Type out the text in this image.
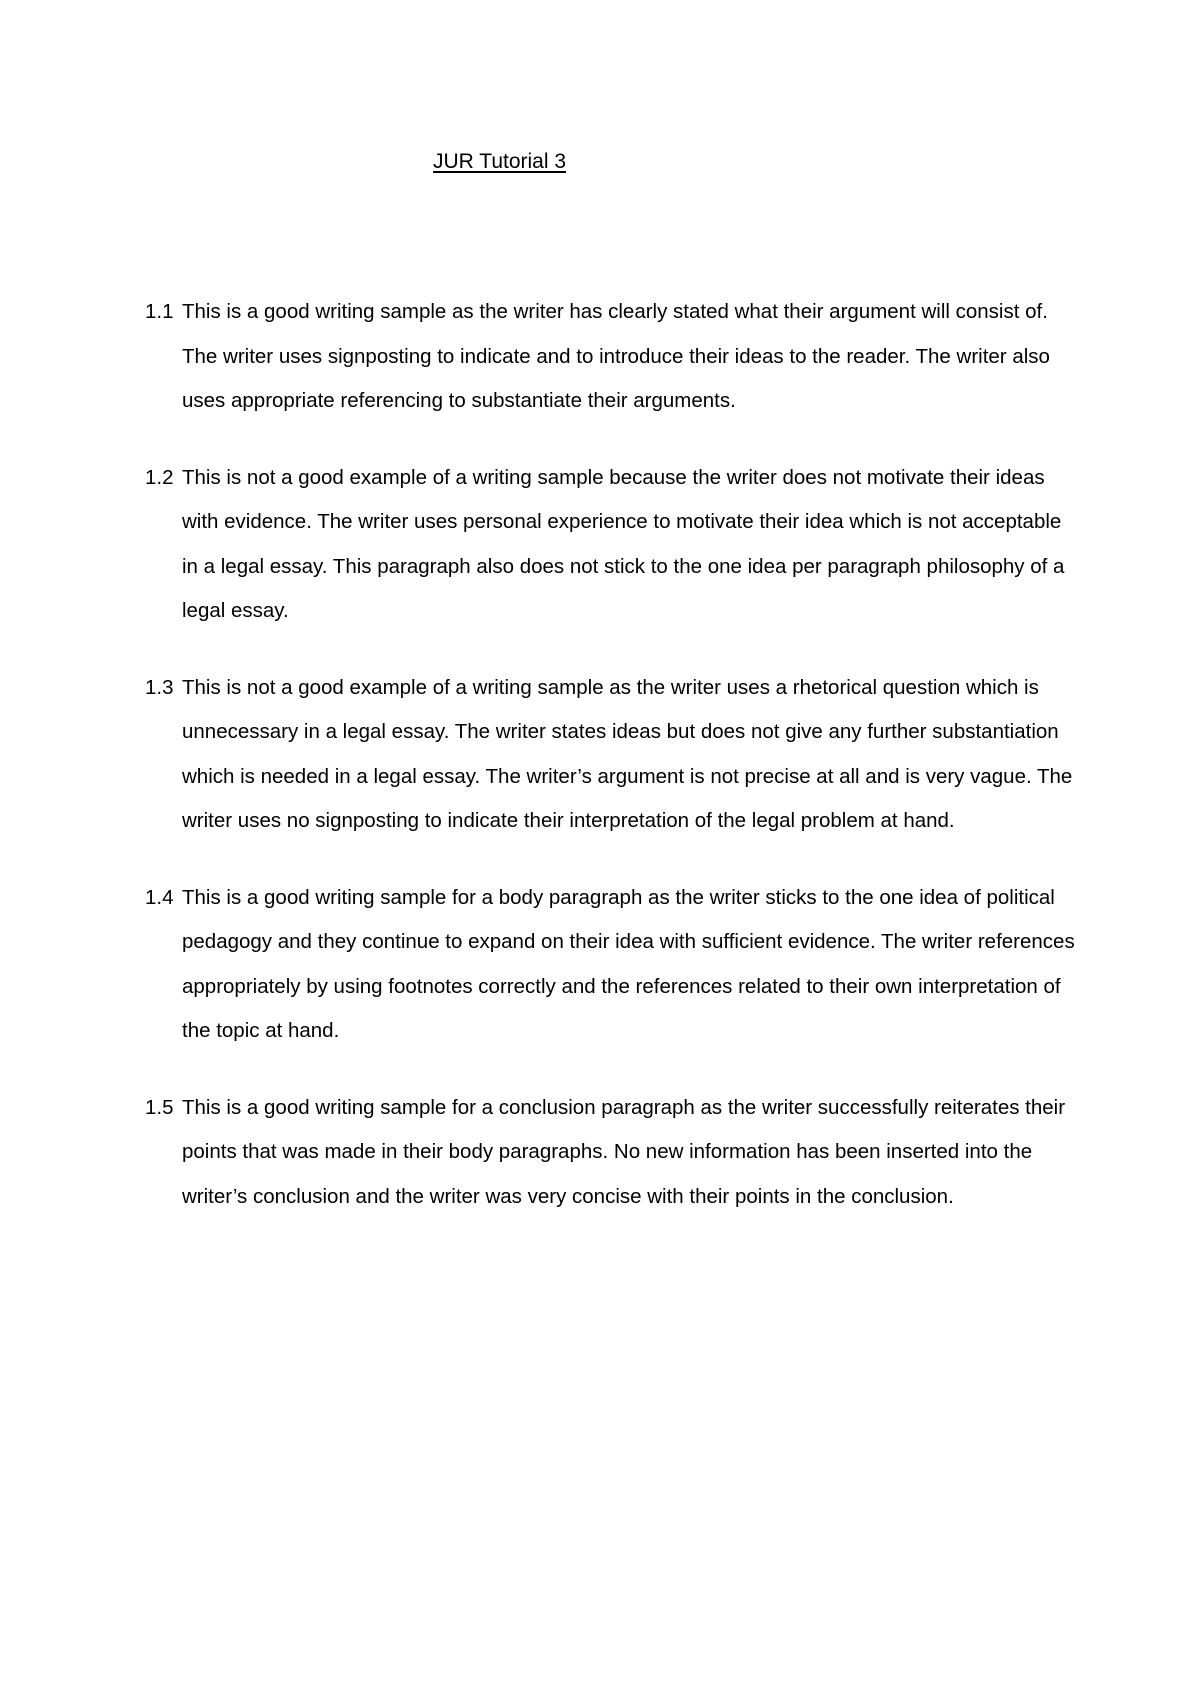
JUR Tutorial 3
1.1 This is a good writing sample as the writer has clearly stated what their argument will consist of. The writer uses signposting to indicate and to introduce their ideas to the reader. The writer also uses appropriate referencing to substantiate their arguments.
1.2 This is not a good example of a writing sample because the writer does not motivate their ideas with evidence. The writer uses personal experience to motivate their idea which is not acceptable in a legal essay. This paragraph also does not stick to the one idea per paragraph philosophy of a legal essay.
1.3 This is not a good example of a writing sample as the writer uses a rhetorical question which is unnecessary in a legal essay. The writer states ideas but does not give any further substantiation which is needed in a legal essay. The writer’s argument is not precise at all and is very vague. The writer uses no signposting to indicate their interpretation of the legal problem at hand.
1.4 This is a good writing sample for a body paragraph as the writer sticks to the one idea of political pedagogy and they continue to expand on their idea with sufficient evidence. The writer references appropriately by using footnotes correctly and the references related to their own interpretation of the topic at hand.
1.5 This is a good writing sample for a conclusion paragraph as the writer successfully reiterates their points that was made in their body paragraphs. No new information has been inserted into the writer’s conclusion and the writer was very concise with their points in the conclusion.
